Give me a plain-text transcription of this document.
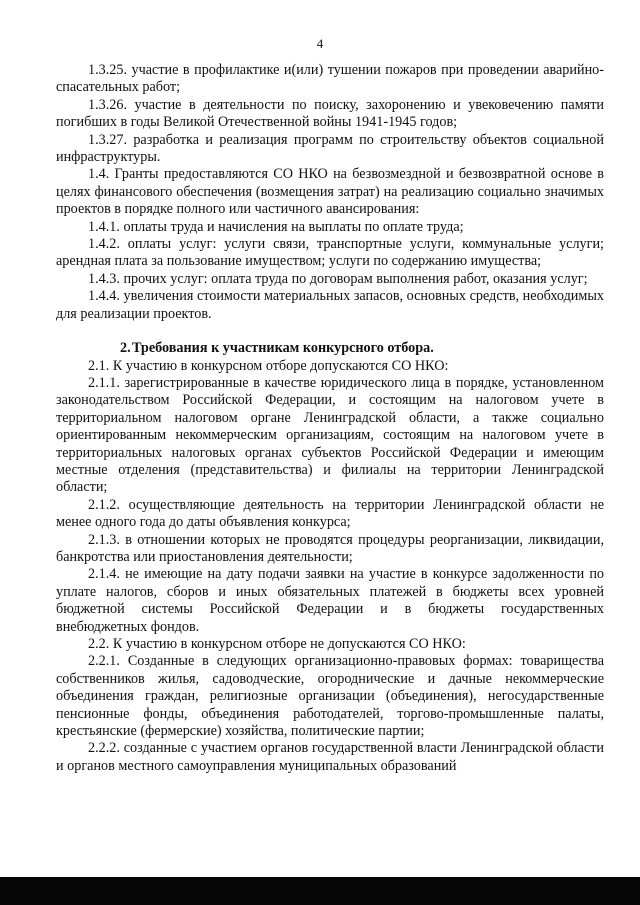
4

1.3.25. участие в профилактике и(или) тушении пожаров при проведении аварийно-спасательных работ;

1.3.26. участие в деятельности по поиску, захоронению и увековечению памяти погибших в годы Великой Отечественной войны 1941-1945 годов;

1.3.27. разработка и реализация программ по строительству объектов социальной инфраструктуры.

1.4. Гранты предоставляются СО НКО на безвозмездной и безвозвратной основе в целях финансового обеспечения (возмещения затрат) на реализацию социально значимых проектов в порядке полного или частичного авансирования:

1.4.1. оплаты труда и начисления на выплаты по оплате труда;

1.4.2. оплаты услуг: услуги связи, транспортные услуги, коммунальные услуги; арендная плата за пользование имуществом; услуги по содержанию имущества;

1.4.3. прочих услуг: оплата труда по договорам выполнения работ, оказания услуг;

1.4.4. увеличения стоимости материальных запасов, основных средств, необходимых для реализации проектов.

2.Требования к участникам конкурсного отбора.

2.1. К участию в конкурсном отборе допускаются СО НКО:

2.1.1. зарегистрированные в качестве юридического лица в порядке, установленном законодательством Российской Федерации, и состоящим на налоговом учете в территориальном налоговом органе Ленинградской области, а также социально ориентированным некоммерческим организациям, состоящим на налоговом учете в территориальных налоговых органах субъектов Российской Федерации и имеющим местные отделения (представительства) и филиалы на территории Ленинградской области;

2.1.2. осуществляющие деятельность на территории Ленинградской области не менее одного года до даты объявления конкурса;

2.1.3. в отношении которых не проводятся процедуры реорганизации, ликвидации, банкротства или приостановления деятельности;

2.1.4. не имеющие на дату подачи заявки на участие в конкурсе задолженности по уплате налогов, сборов и иных обязательных платежей в бюджеты всех уровней бюджетной системы Российской Федерации и в бюджеты государственных внебюджетных фондов.

2.2. К участию в конкурсном отборе не допускаются СО НКО:

2.2.1. Созданные в следующих организационно-правовых формах: товарищества собственников жилья, садоводческие, огороднические и дачные некоммерческие объединения граждан, религиозные организации (объединения), негосударственные пенсионные фонды, объединения работодателей, торгово-промышленные палаты, крестьянские (фермерские) хозяйства, политические партии;

2.2.2. созданные с участием органов государственной власти Ленинградской области и органов местного самоуправления муниципальных образований
